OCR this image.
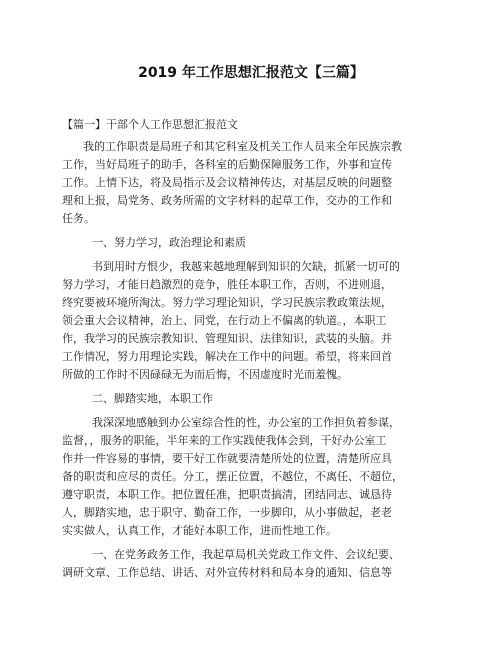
2019 年工作思想汇报范文【三篇】
【篇一】干部个人工作思想汇报范文
我的工作职责是局班子和其它科室及机关工作人员来全年民族宗教
工作，当好局班子的助手，各科室的后勤保障服务工作，外事和宣传
工作。上情下达，将及局指示及会议精神传达，对基层反映的问题整
理和上报，局党务、政务所需的文字材料的起草工作，交办的工作和
任务。
一、努力学习，政治理论和素质
书到用时方恨少，我越来越地理解到知识的欠缺，抓紧一切可的
努力学习，才能日趋激烈的竞争，胜任本职工作，否则，不进则退，
终究要被环境所淘汰。努力学习理论知识，学习民族宗教政策法规，
领会重大会议精神，治上、同党，在行动上不偏离的轨道。，本职工
作，我学习的民族宗教知识、管理知识、法律知识，武装的头脑。并
工作情况，努力用理论实践，解决在工作中的问题。希望，将来回首
所做的工作时不因碌碌无为而后悔，不因虚度时光而羞愧。
二、脚踏实地，本职工作
我深深地感触到办公室综合性的性，办公室的工作担负着参谋，
监督，，服务的职能，半年来的工作实践使我体会到，干好办公室工
作并一件容易的事情，要干好工作就要清楚所处的位置，清楚所应具
备的职责和应尽的责任。分工，摆正位置，不越位，不离任、不超位，
遵守职责，本职工作。把位置任准，把职责搞清，团结同志、诚恳待
人，脚踏实地，忠于职守、勤奋工作，一步脚印，从小事做起，老老
实实做人，认真工作，才能好本职工作，进而性地工作。
一、在党务政务工作，我起草局机关党政工作文件、会议纪要、
调研文章、工作总结、讲话、对外宣传材料和局本身的通知、信息等
